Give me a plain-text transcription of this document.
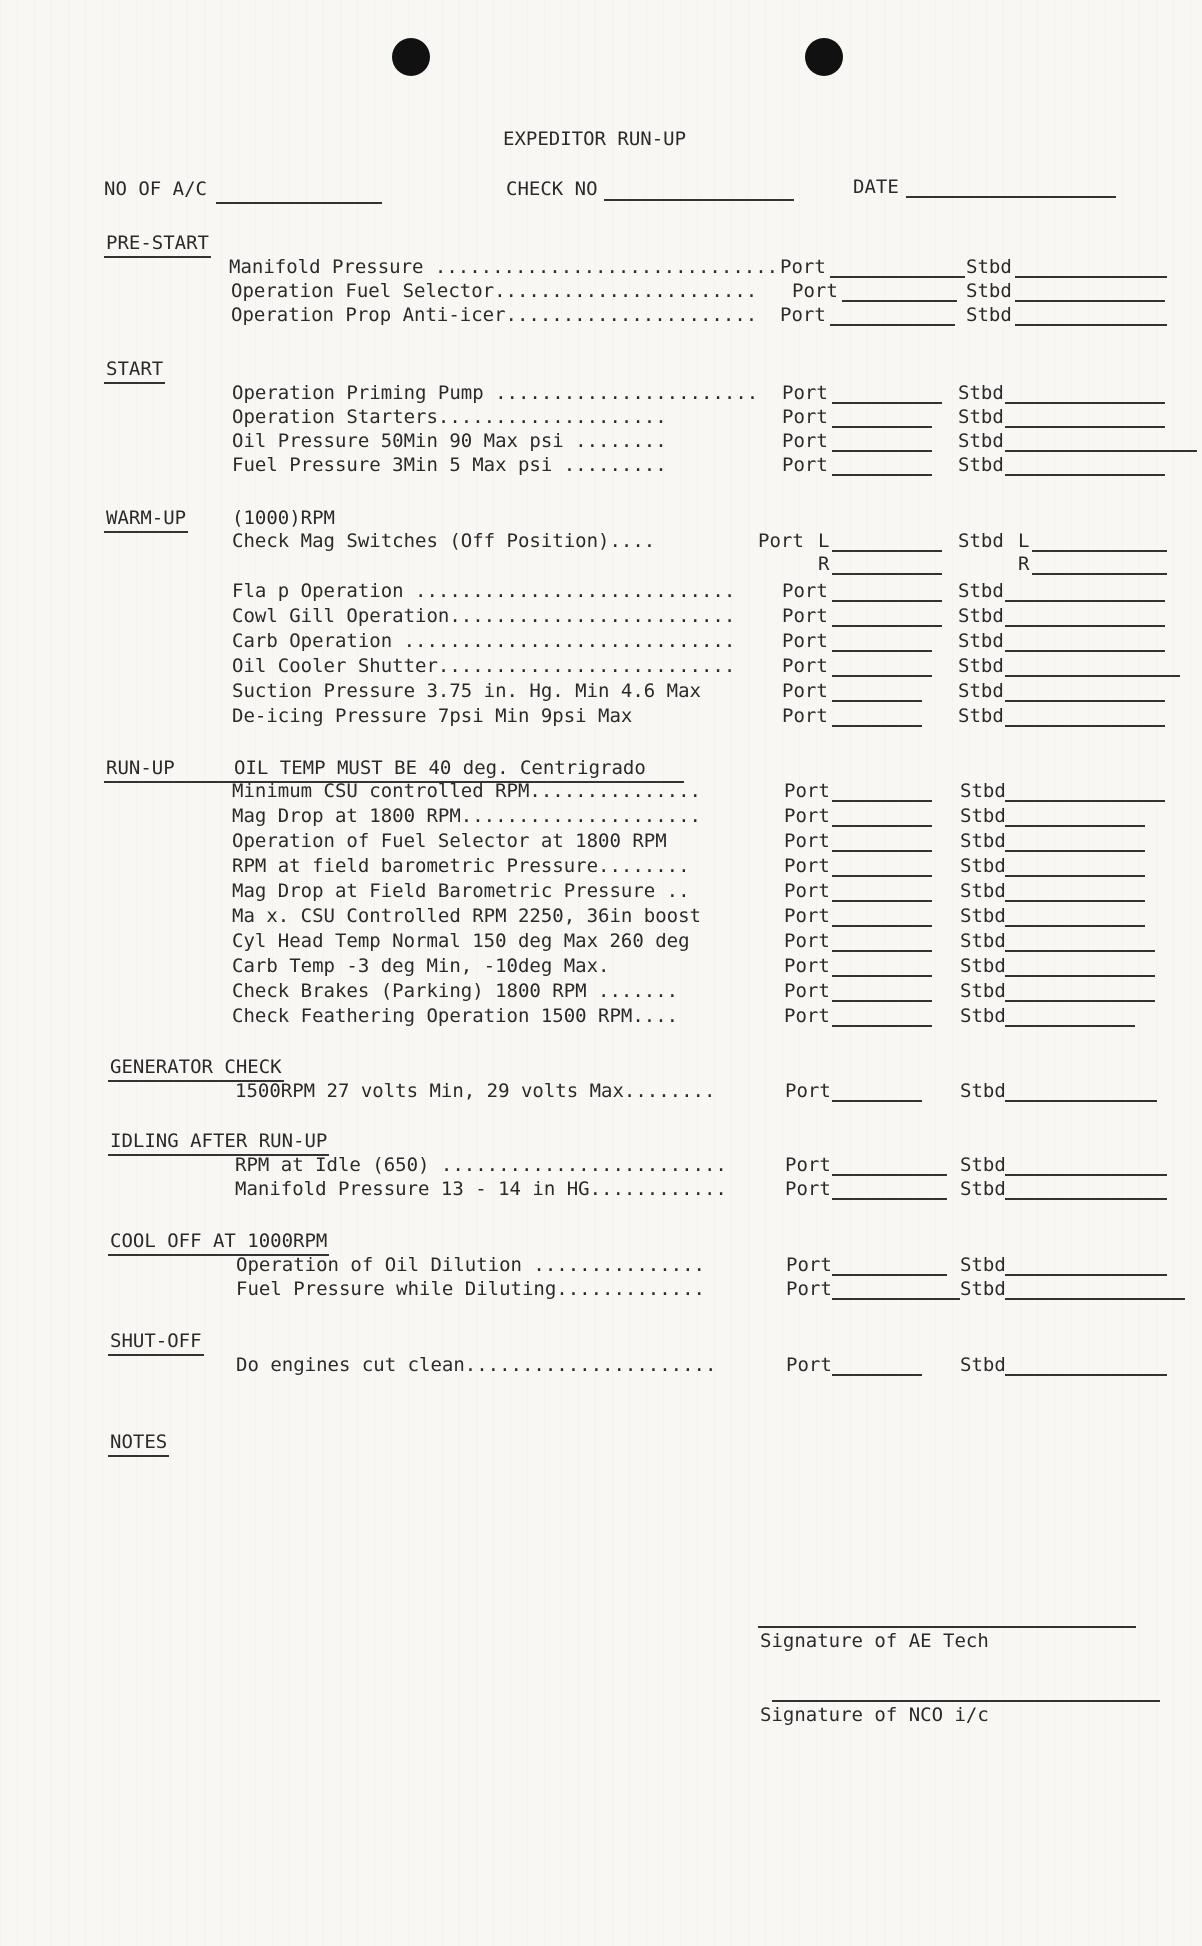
EXPEDITOR RUN-UP
NO OF A/C	CHECK NO	DATE
PRE-START
Manifold Pressure .............................. Port	Stbd
Operation Fuel Selector....................... Port	Stbd
Operation Prop Anti-icer...................... Port	Stbd
START
Operation Priming Pump ....................... Port	Stbd
Operation Starters....................	Port	Stbd
Oil Pressure 50Min 90 Max psi ........	Port	Stbd
Fuel Pressure 3Min 5 Max psi .........	Port	Stbd
WARM-UP (1000)RPM
Check Mag Switches (Off Position)....	Port L	Stbd L
R	R
Fla p Operation ............................ Port	Stbd
Cowl Gill Operation......................... Port	Stbd
Carb Operation ............................. Port	Stbd
Oil Cooler Shutter.......................... Port	Stbd
Suction Pressure 3.75 in. Hg. Min 4.6 Max	Port	Stbd
De-icing Pressure 7psi Min 9psi Max	Port	Stbd
RUN-UP	OIL TEMP MUST BE 40 deg. Centrigrado
Minimum CSU controlled RPM...............	Port	Stbd
Mag Drop at 1800 RPM.....................	Port	Stbd
Operation of Fuel Selector at 1800 RPM	Port	Stbd
RPM at field barometric Pressure........	Port	Stbd
Mag Drop at Field Barometric Pressure ..	Port	Stbd
Ma x. CSU Controlled RPM 2250, 36in boost	Port	Stbd
Cyl Head Temp Normal 150 deg Max 260 deg	Port	Stbd
Carb Temp -3 deg Min, -10deg Max.	Port	Stbd
Check Brakes (Parking) 1800 RPM .......	Port	Stbd
Check Feathering Operation 1500 RPM....	Port	Stbd
GENERATOR CHECK
1500RPM 27 volts Min, 29 volts Max........	Port	Stbd
IDLING AFTER RUN-UP
RPM at Idle (650) .........................	Port	Stbd
Manifold Pressure 13 - 14 in HG............	Port	Stbd
COOL OFF AT 1000RPM
Operation of Oil Dilution ...............	Port	Stbd
Fuel Pressure while Diluting.............	Port	Stbd
SHUT-OFF
Do engines cut clean......................	Port	Stbd
NOTES
Signature of AE Tech
Signature of NCO i/c
